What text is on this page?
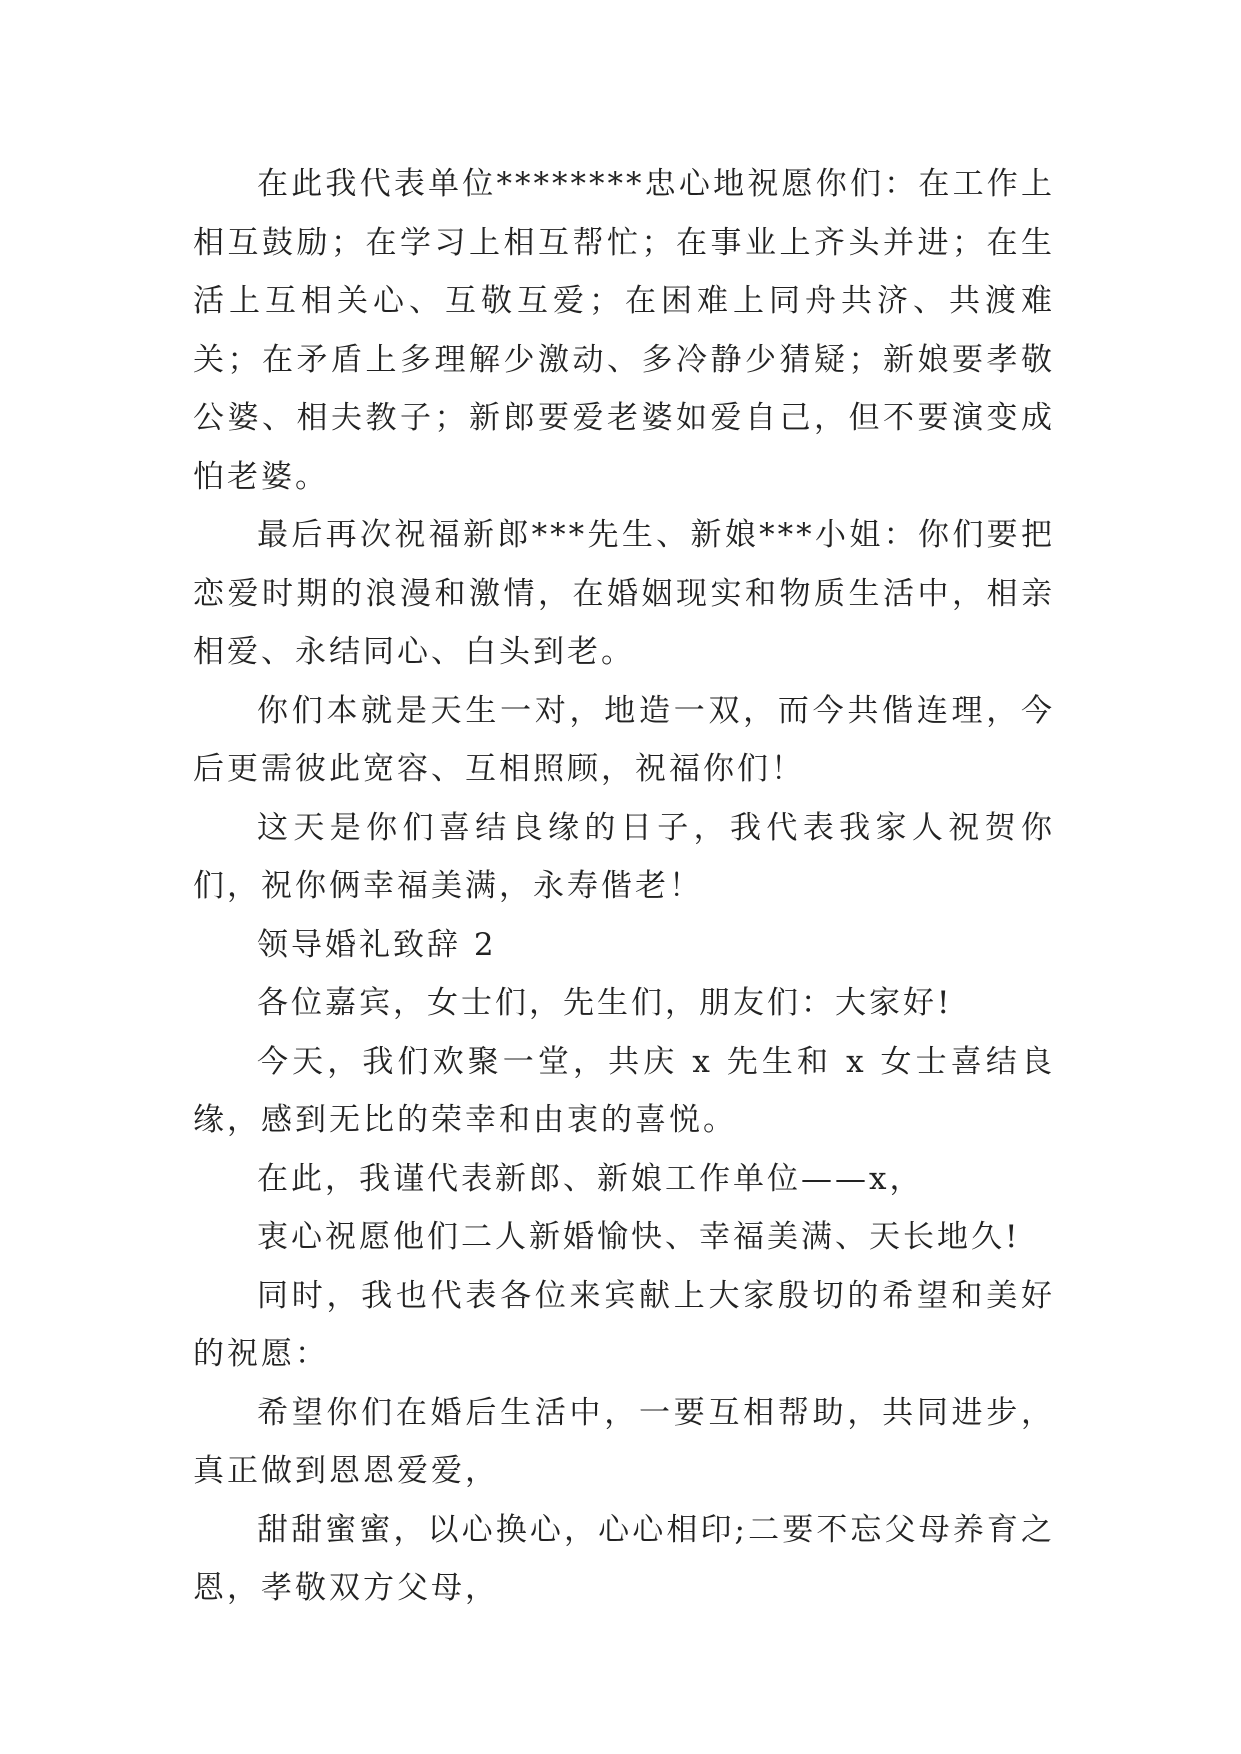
在此我代表单位********忠心地祝愿你们：在工作上相互鼓励；在学习上相互帮忙；在事业上齐头并进；在生活上互相关心、互敬互爱；在困难上同舟共济、共渡难关；在矛盾上多理解少激动、多冷静少猜疑；新娘要孝敬公婆、相夫教子；新郎要爱老婆如爱自己，但不要演变成怕老婆。

最后再次祝福新郎***先生、新娘***小姐：你们要把恋爱时期的浪漫和激情，在婚姻现实和物质生活中，相亲相爱、永结同心、白头到老。

你们本就是天生一对，地造一双，而今共偕连理，今后更需彼此宽容、互相照顾，祝福你们！

这天是你们喜结良缘的日子，我代表我家人祝贺你们，祝你俩幸福美满，永寿偕老！

领导婚礼致辞 2

各位嘉宾，女士们，先生们，朋友们：大家好!

今天，我们欢聚一堂，共庆 x 先生和 x 女士喜结良缘，感到无比的荣幸和由衷的喜悦。

在此，我谨代表新郎、新娘工作单位——x，

衷心祝愿他们二人新婚愉快、幸福美满、天长地久!

同时，我也代表各位来宾献上大家殷切的希望和美好的祝愿：

希望你们在婚后生活中，一要互相帮助，共同进步，真正做到恩恩爱爱，

甜甜蜜蜜，以心换心，心心相印;二要不忘父母养育之恩，孝敬双方父母，
